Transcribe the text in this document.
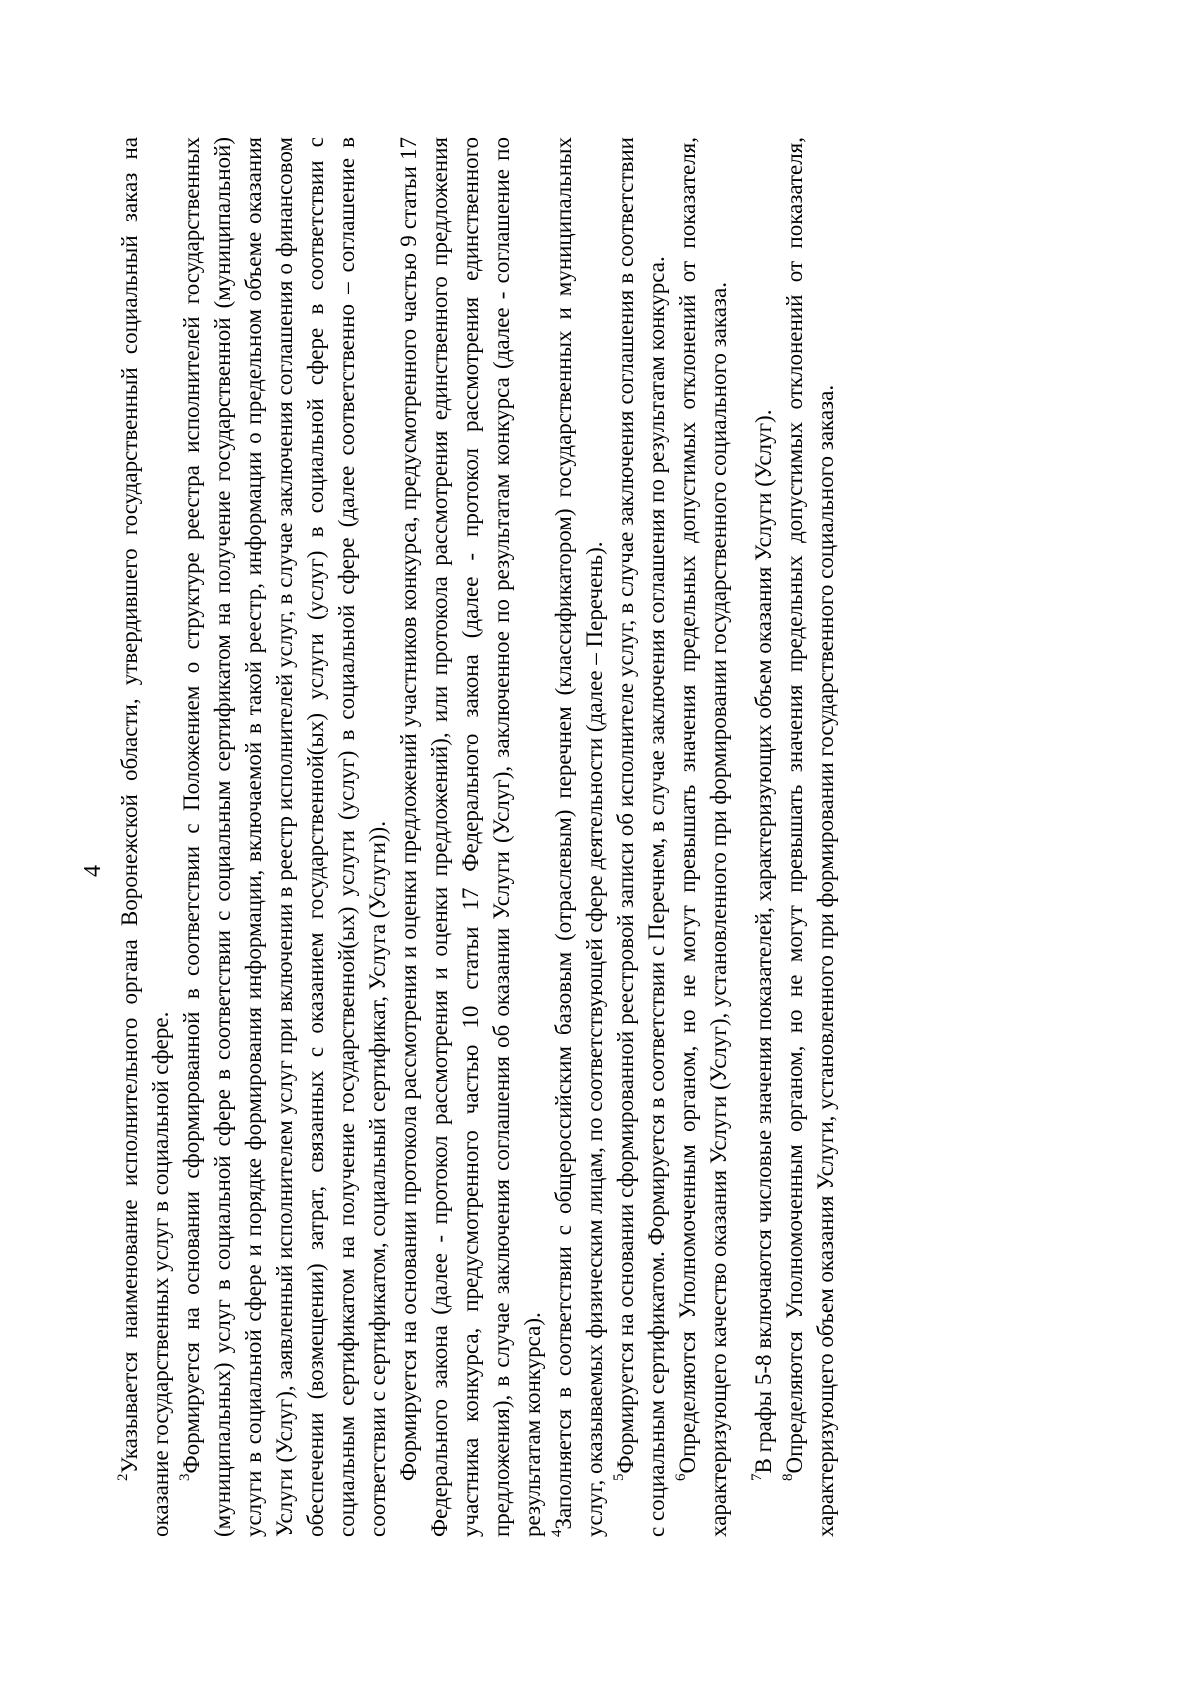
4

$^2$Указывается наименование исполнительного органа Воронежской области, утвердившего государственный социальный заказ на оказание государственных услуг в социальной сфере. $^3$Формируется на основании сформированной в соответствии с Положением о структуре реестра исполнителей государственных (муниципальных) услуг в социальной сфере в соответствии с социальным сертификатом на получение государственной (муниципальной) услуги в социальной сфере и порядке формирования информации, включаемой в такой реестр, информации о предельном объеме оказания Услуги (Услуг), заявленный исполнителем услуг при включении в реестр исполнителей услуг, в случае заключения соглашения о финансовом обеспечении (возмещении) затрат, связанных с оказанием государственной(ых) услуги (услуг) в социальной сфере в соответствии с социальным сертификатом на получение государственной(ых) услуги (услуг) в социальной сфере (далее соответственно – соглашение в соответствии с сертификатом, социальный сертификат, Услуга (Услуги)). Формируется на основании протокола рассмотрения и оценки предложений участников конкурса, предусмотренного частью 9 статьи 17 Федерального закона (далее - протокол рассмотрения и оценки предложений), или протокола рассмотрения единственного предложения участника конкурса, предусмотренного частью 10 статьи 17 Федерального закона (далее - протокол рассмотрения единственного предложения), в случае заключения соглашения об оказании Услуги (Услуг), заключенное по результатам конкурса (далее - соглашение по результатам конкурса). $^4$Заполняется в соответствии с общероссийским базовым (отраслевым) перечнем (классификатором) государственных и муниципальных услуг, оказываемых физическим лицам, по соответствующей сфере деятельности (далее – Перечень). $^5$Формируется на основании сформированной реестровой записи об исполнителе услуг, в случае заключения соглашения в соответствии с социальным сертификатом. Формируется в соответствии с Перечнем, в случае заключения соглашения по результатам конкурса. $^6$Определяются Уполномоченным органом, но не могут превышать значения предельных допустимых отклонений от показателя, характеризующего качество оказания Услуги (Услуг), установленного при формировании государственного социального заказа. $^7$В графы 5-8 включаются числовые значения показателей, характеризующих объем оказания Услуги (Услуг).

$^8$Определяются Уполномоченным органом, но не могут превышать значения предельных допустимых отклонений от показателя, характеризующего объем оказания Услуги, установленного при формировании государственного социального заказа.
